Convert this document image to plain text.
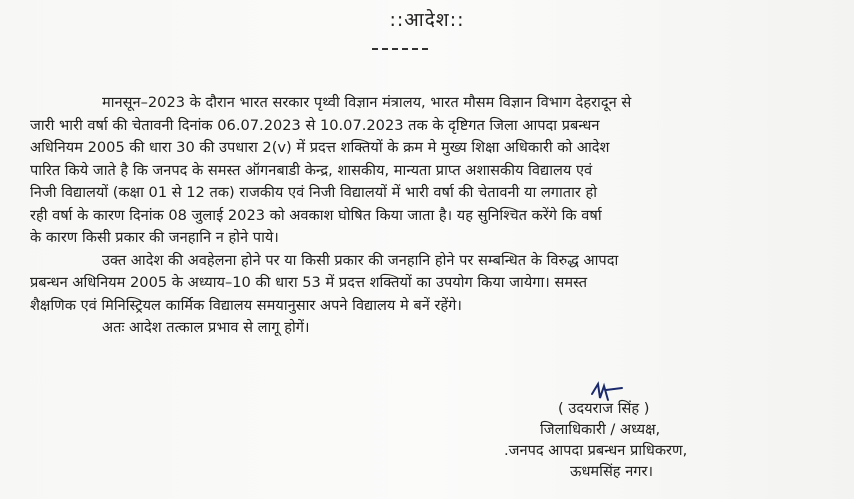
::आदेश::
मानसून–2023 के दौरान भारत सरकार पृथ्वी विज्ञान मंत्रालय, भारत मौसम विज्ञान विभाग देहरादून से
जारी भारी वर्षा की चेतावनी दिनांक 06.07.2023 से 10.07.2023 तक के दृष्टिगत जिला आपदा प्रबन्धन
अधिनियम 2005 की धारा 30 की उपधारा 2(v) में प्रदत्त शक्तियों के क्रम मे मुख्य शिक्षा अधिकारी को आदेश
पारित किये जाते है कि जनपद के समस्त ऑगनबाडी केन्द्र, शासकीय, मान्यता प्राप्त अशासकीय विद्यालय एवं
निजी विद्यालयों (कक्षा 01 से 12 तक) राजकीय एवं निजी विद्यालयों में भारी वर्षा की चेतावनी या लगातार हो
रही वर्षा के कारण दिनांक 08 जुलाई 2023 को अवकाश घोषित किया जाता है। यह सुनिश्चित करेंगे कि वर्षा
के कारण किसी प्रकार की जनहानि न होने पाये।
उक्त आदेश की अवहेलना होने पर या किसी प्रकार की जनहानि होने पर सम्बन्धित के विरुद्ध आपदा
प्रबन्धन अधिनियम 2005 के अध्याय–10 की धारा 53 में प्रदत्त शक्तियों का उपयोग किया जायेगा। समस्त
शैक्षणिक एवं मिनिस्ट्रियल कार्मिक विद्यालय समयानुसार अपने विद्यालय मे बनें रहेंगे।
अतः आदेश तत्काल प्रभाव से लागू होगें।
( उदयराज सिंह )
जिलाधिकारी / अध्यक्ष,
.जनपद आपदा प्रबन्धन प्राधिकरण,
ऊधमसिंह नगर।
